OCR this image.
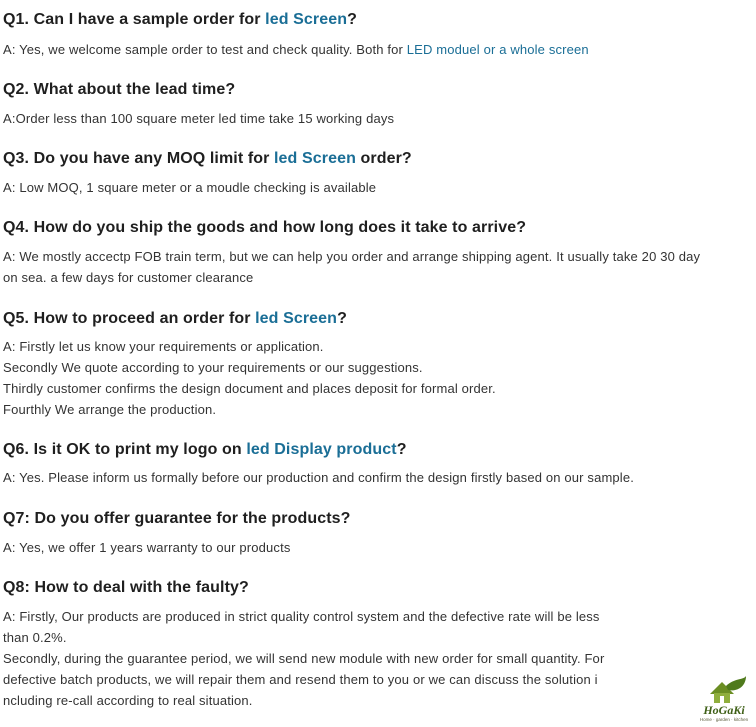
Q1. Can I have a sample order for led Screen?
A: Yes, we welcome sample order to test and check quality. Both for LED moduel or a whole screen
Q2. What about the lead time?
A:Order less than 100 square meter led time take 15 working days
Q3. Do you have any MOQ limit for led Screen order?
A: Low MOQ, 1 square meter or a moudle checking is available
Q4. How do you ship the goods and how long does it take to arrive?
A: We mostly accectp FOB train term, but we can help you order and arrange shipping agent. It usually take 20 30 day
on sea. a few days for customer clearance
Q5. How to proceed an order for led Screen?
A: Firstly let us know your requirements or application.
Secondly We quote according to your requirements or our suggestions.
Thirdly customer confirms the design document and places deposit for formal order.
Fourthly We arrange the production.
Q6. Is it OK to print my logo on led Display product?
A: Yes. Please inform us formally before our production and confirm the design firstly based on our sample.
Q7: Do you offer guarantee for the products?
A: Yes, we offer 1 years warranty to our products
Q8: How to deal with the faulty?
A: Firstly, Our products are produced in strict quality control system and the defective rate will be less
than 0.2%.
Secondly, during the guarantee period, we will send new module with new order for small quantity. For
defective batch products, we will repair them and resend them to you or we can discuss the solution i
ncluding re-call according to real situation.
HoGaKi
Home · garden · kitchen
